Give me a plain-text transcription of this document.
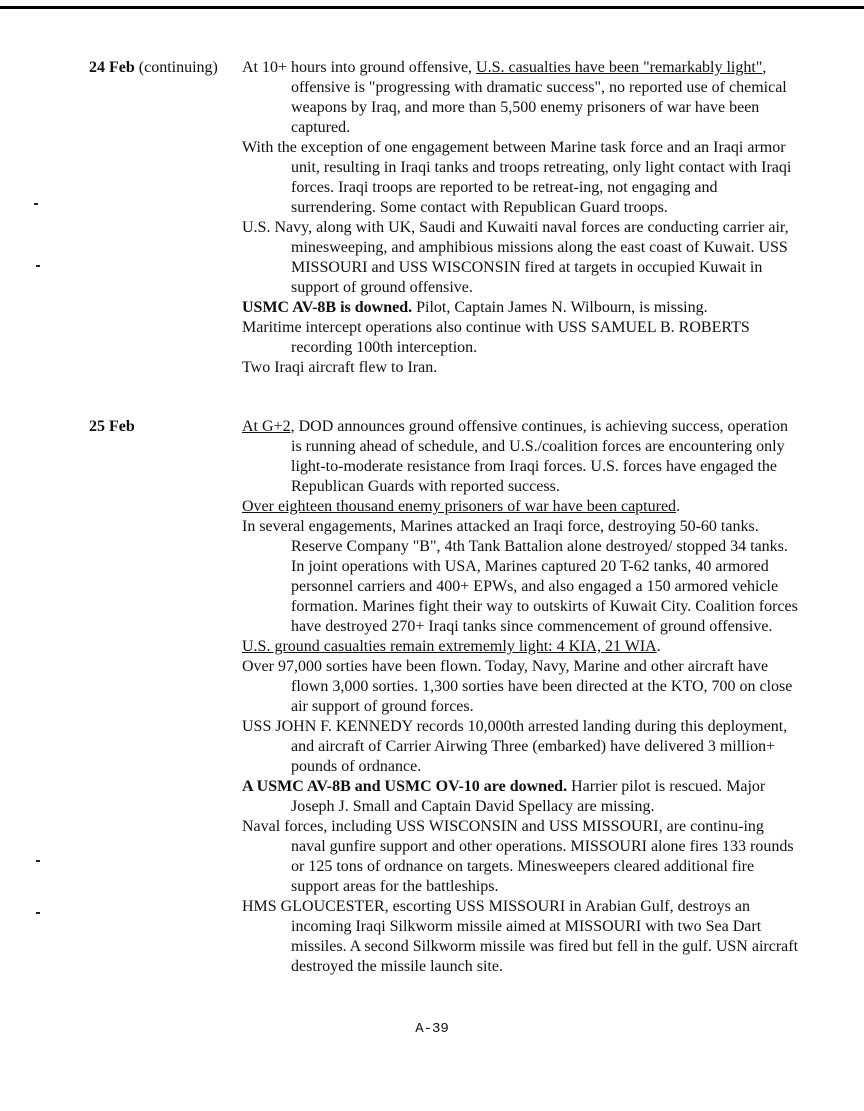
24 Feb (continuing) At 10+ hours into ground offensive, U.S. casualties have been "remarkably light", offensive is "progressing with dramatic success", no reported use of chemical weapons by Iraq, and more than 5,500 enemy prisoners of war have been captured.

With the exception of one engagement between Marine task force and an Iraqi armor unit, resulting in Iraqi tanks and troops retreating, only light contact with Iraqi forces. Iraqi troops are reported to be retreat-ing, not engaging and surrendering. Some contact with Republican Guard troops.

U.S. Navy, along with UK, Saudi and Kuwaiti naval forces are conducting carrier air, minesweeping, and amphibious missions along the east coast of Kuwait. USS MISSOURI and USS WISCONSIN fired at targets in occupied Kuwait in support of ground offensive.

USMC AV-8B is downed. Pilot, Captain James N. Wilbourn, is missing.

Maritime intercept operations also continue with USS SAMUEL B. ROBERTS recording 100th interception.

Two Iraqi aircraft flew to Iran.

25 Feb	At G+2, DOD announces ground offensive continues, is achieving success, operation is running ahead of schedule, and U.S./coalition forces are encountering only light-to-moderate resistance from Iraqi forces. U.S. forces have engaged the Republican Guards with reported success.

Over eighteen thousand enemy prisoners of war have been captured.

In several engagements, Marines attacked an Iraqi force, destroying 50-60 tanks. Reserve Company "B", 4th Tank Battalion alone destroyed/ stopped 34 tanks. In joint operations with USA, Marines captured 20 T-62 tanks, 40 armored personnel carriers and 400+ EPWs, and also engaged a 150 armored vehicle formation. Marines fight their way to outskirts of Kuwait City. Coalition forces have destroyed 270+ Iraqi tanks since commencement of ground offensive.

U.S. ground casualties remain extrememly light: 4 KIA, 21 WIA.

Over 97,000 sorties have been flown. Today, Navy, Marine and other aircraft have flown 3,000 sorties. 1,300 sorties have been directed at the KTO, 700 on close air support of ground forces.

USS JOHN F. KENNEDY records 10,000th arrested landing during this deployment, and aircraft of Carrier Airwing Three (embarked) have delivered 3 million+ pounds of ordnance.

A USMC AV-8B and USMC OV-10 are downed. Harrier pilot is rescued. Major Joseph J. Small and Captain David Spellacy are missing.

Naval forces, including USS WISCONSIN and USS MISSOURI, are continu-ing naval gunfire support and other operations. MISSOURI alone fires 133 rounds or 125 tons of ordnance on targets. Minesweepers cleared additional fire support areas for the battleships.

HMS GLOUCESTER, escorting USS MISSOURI in Arabian Gulf, destroys an incoming Iraqi Silkworm missile aimed at MISSOURI with two Sea Dart missiles. A second Silkworm missile was fired but fell in the gulf. USN aircraft destroyed the missile launch site.

A-39
